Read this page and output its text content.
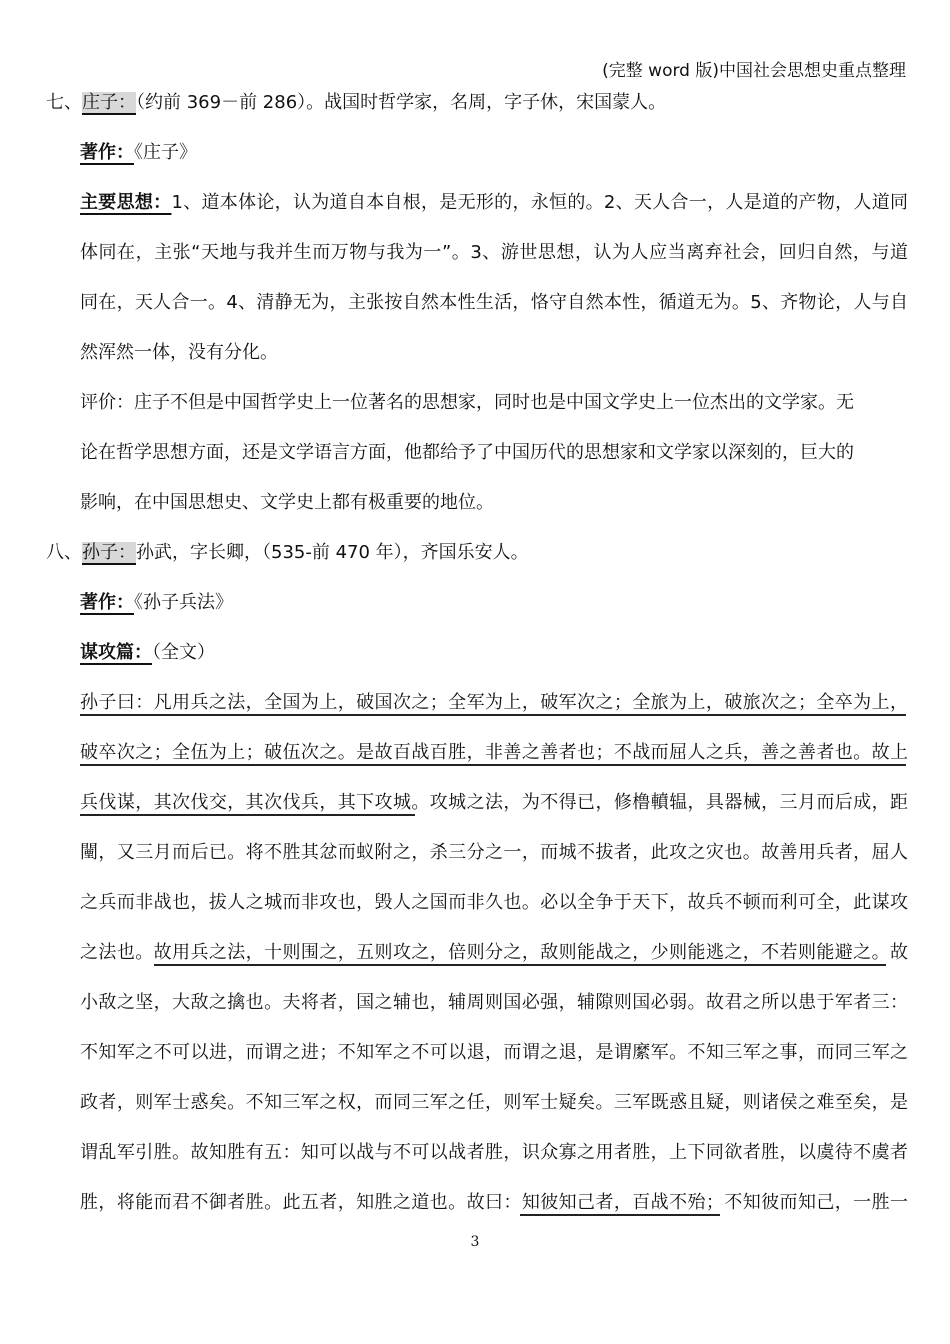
(完整 word 版)中国社会思想史重点整理
七、庄子：（约前 369－前 286）。战国时哲学家，名周，字子休，宋国蒙人。
著作：《庄子》
主要思想：1、道本体论，认为道自本自根，是无形的，永恒的。2、天人合一，人是道的产物，人道同
体同在，主张“天地与我并生而万物与我为一”。3、游世思想，认为人应当离弃社会，回归自然，与道
同在，天人合一。4、清静无为，主张按自然本性生活，恪守自然本性，循道无为。5、齐物论，人与自
然浑然一体，没有分化。
评价：庄子不但是中国哲学史上一位著名的思想家，同时也是中国文学史上一位杰出的文学家。无
论在哲学思想方面，还是文学语言方面，他都给予了中国历代的思想家和文学家以深刻的，巨大的
影响，在中国思想史、文学史上都有极重要的地位。
八、孙子：孙武，字长卿，（535-前 470 年），齐国乐安人。
著作：《孙子兵法》
谋攻篇：（全文）
孙子曰：凡用兵之法，全国为上，破国次之；全军为上，破军次之；全旅为上，破旅次之；全卒为上，
破卒次之；全伍为上；破伍次之。是故百战百胜，非善之善者也；不战而屈人之兵，善之善者也。故上
兵伐谋，其次伐交，其次伐兵，其下攻城。攻城之法，为不得已，修橹轒辒，具器械，三月而后成，距
闉，又三月而后已。将不胜其忿而蚁附之，杀三分之一，而城不拔者，此攻之灾也。故善用兵者，屈人
之兵而非战也，拔人之城而非攻也，毁人之国而非久也。必以全争于天下，故兵不顿而利可全，此谋攻
之法也。故用兵之法，十则围之，五则攻之，倍则分之，敌则能战之，少则能逃之，不若则能避之。故
小敌之坚，大敌之擒也。夫将者，国之辅也，辅周则国必强，辅隙则国必弱。故君之所以患于军者三：
不知军之不可以进，而谓之进；不知军之不可以退，而谓之退，是谓縻军。不知三军之事，而同三军之
政者，则军士惑矣。不知三军之权，而同三军之任，则军士疑矣。三军既惑且疑，则诸侯之难至矣，是
谓乱军引胜。故知胜有五：知可以战与不可以战者胜，识众寡之用者胜，上下同欲者胜，以虞待不虞者
胜，将能而君不御者胜。此五者，知胜之道也。故曰：知彼知己者，百战不殆；不知彼而知己，一胜一
3
